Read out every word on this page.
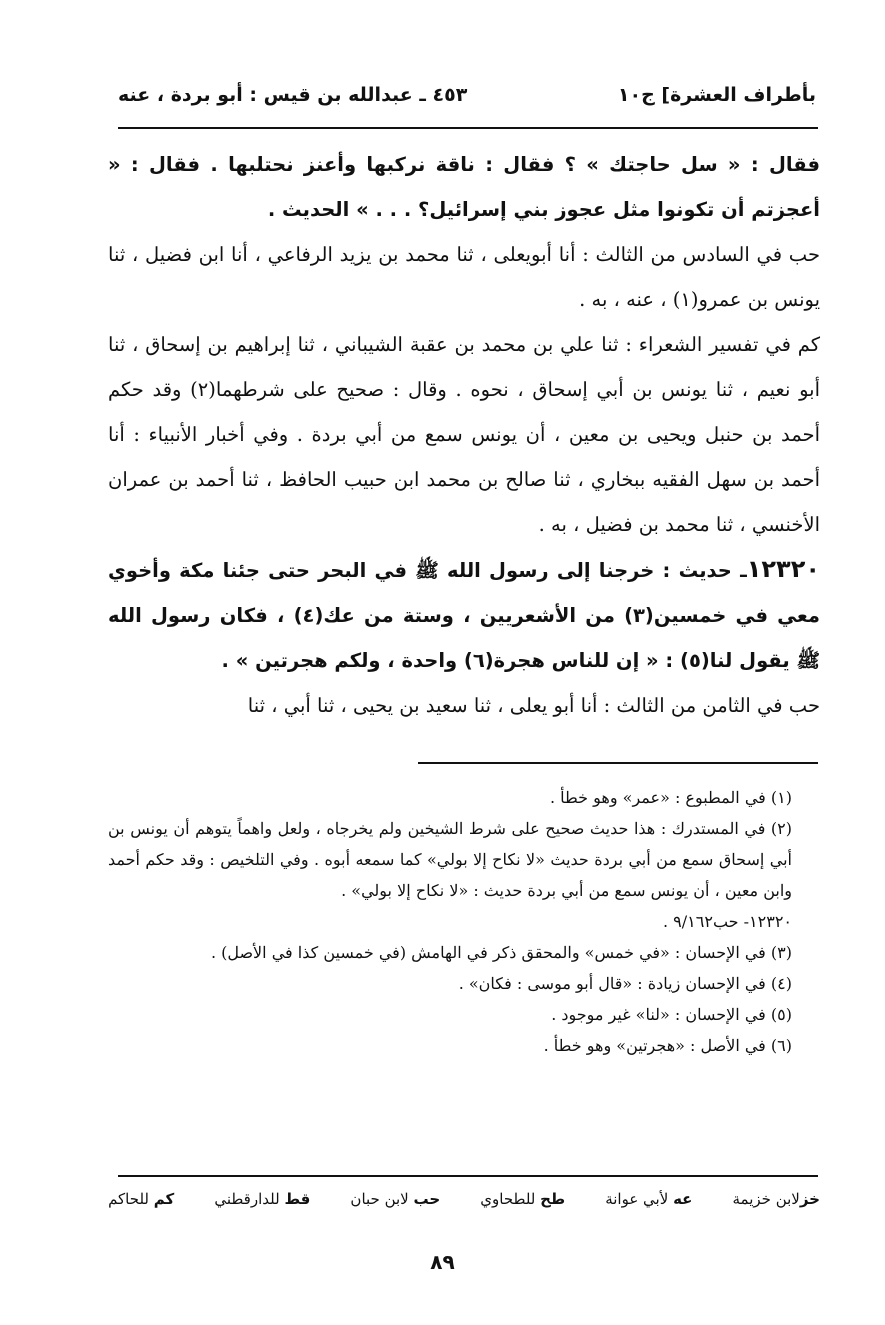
بأطراف العشرة] ج١٠
٤٥٣ ـ عبدالله بن قيس : أبو بردة ، عنه

فقال : « سل حاجتك » ؟ فقال : ناقة نركبها وأعنز نحتلبها . فقال : « أعجزتم أن تكونوا مثل عجوز بني إسرائيل؟ . . . » الحديث .

حب في السادس من الثالث : أنا أبويعلى ، ثنا محمد بن يزيد الرفاعي ، أنا ابن فضيل ، ثنا يونس بن عمرو(١) ، عنه ، به .

كم في تفسير الشعراء : ثنا علي بن محمد بن عقبة الشيباني ، ثنا إبراهيم بن إسحاق ، ثنا أبو نعيم ، ثنا يونس بن أبي إسحاق ، نحوه . وقال : صحيح على شرطهما(٢) وقد حكم أحمد بن حنبل ويحيى بن معين ، أن يونس سمع من أبي بردة . وفي أخبار الأنبياء : أنا أحمد بن سهل الفقيه ببخاري ، ثنا صالح بن محمد ابن حبيب الحافظ ، ثنا أحمد بن عمران الأخنسي ، ثنا محمد بن فضيل ، به .

١٢٣٢٠ـ حديث : خرجنا إلى رسول الله ﷺ في البحر حتى جئنا مكة وأخوي معي في خمسين(٣) من الأشعريين ، وستة من عك(٤) ، فكان رسول الله ﷺ يقول لنا(٥) : « إن للناس هجرة(٦) واحدة ، ولكم هجرتين » .

حب في الثامن من الثالث : أنا أبو يعلى ، ثنا سعيد بن يحيى ، ثنا أبي ، ثنا

(١) في المطبوع : «عمر» وهو خطأ .

(٢) في المستدرك : هذا حديث صحيح على شرط الشيخين ولم يخرجاه ، ولعل واهماً يتوهم أن يونس بن أبي إسحاق سمع من أبي بردة حديث «لا نكاح إلا بولي» كما سمعه أبوه . وفي التلخيص : وقد حكم أحمد وابن معين ، أن يونس سمع من أبي بردة حديث : «لا نكاح إلا بولي» .

١٢٣٢٠- حب٩/١٦٢ .

(٣) في الإحسان : «في خمس» والمحقق ذكر في الهامش (في خمسين كذا في الأصل) .

(٤) في الإحسان زيادة : «قال أبو موسى : فكان» .

(٥) في الإحسان : «لنا» غير موجود .

(٦) في الأصل : «هجرتين» وهو خطأ .

خزلابن خزيمة
عه لأبي عوانة
طح للطحاوي
حب لابن حبان
قط للدارقطني
كم للحاكم
٨٩
